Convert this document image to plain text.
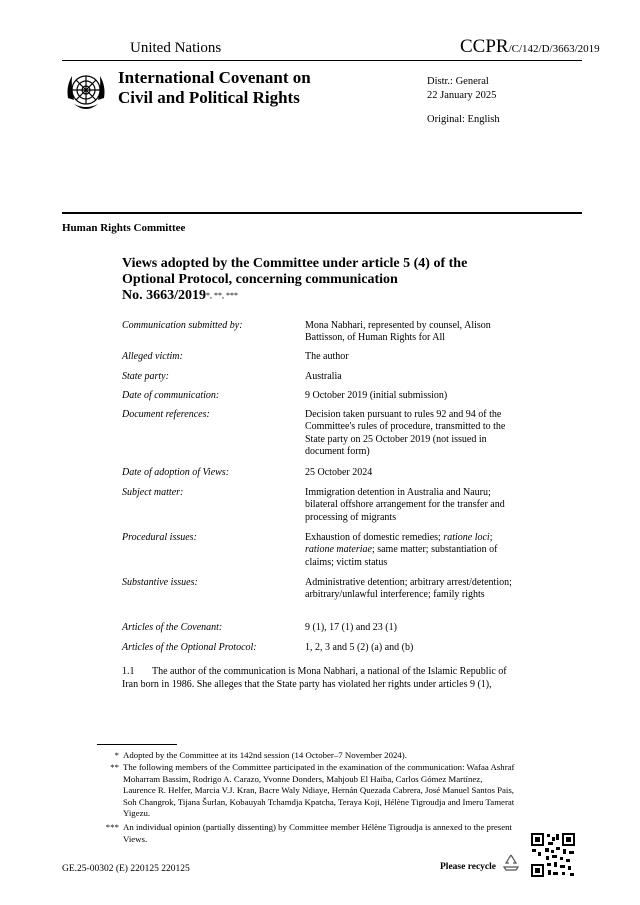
United Nations	CCPR/C/142/D/3663/2019
International Covenant on
Civil and Political Rights
Distr.: General
22 January 2025
Original: English
Human Rights Committee
Views adopted by the Committee under article 5 (4) of the
Optional Protocol, concerning communication
No. 3663/2019*, **, ***
Communication submitted by:	Mona Nabhari, represented by counsel, Alison Battisson, of Human Rights for All
Alleged victim:	The author
State party:	Australia
Date of communication:	9 October 2019 (initial submission)
Document references:	Decision taken pursuant to rules 92 and 94 of the Committee's rules of procedure, transmitted to the State party on 25 October 2019 (not issued in document form)
Date of adoption of Views:	25 October 2024
Subject matter:	Immigration detention in Australia and Nauru; bilateral offshore arrangement for the transfer and processing of migrants
Procedural issues:	Exhaustion of domestic remedies; ratione loci; ratione materiae; same matter; substantiation of claims; victim status
Substantive issues:	Administrative detention; arbitrary arrest/detention; arbitrary/unlawful interference; family rights
Articles of the Covenant:	9 (1), 17 (1) and 23 (1)
Articles of the Optional Protocol:	1, 2, 3 and 5 (2) (a) and (b)
1.1 The author of the communication is Mona Nabhari, a national of the Islamic Republic of Iran born in 1986. She alleges that the State party has violated her rights under articles 9 (1),
* Adopted by the Committee at its 142nd session (14 October–7 November 2024).
** The following members of the Committee participated in the examination of the communication: Wafaa Ashraf Moharram Bassim, Rodrigo A. Carazo, Yvonne Donders, Mahjoub El Haiba, Carlos Gómez Martínez, Laurence R. Helfer, Marcia V.J. Kran, Bacre Waly Ndiaye, Hernán Quezada Cabrera, José Manuel Santos Pais, Soh Changrok, Tijana Šurlan, Kobauyah Tchamdja Kpatcha, Teraya Koji, Hélène Tigroudja and Imeru Tamerat Yigezu.
*** An individual opinion (partially dissenting) by Committee member Hélène Tigroudja is annexed to the present Views.
GE.25-00302 (E) 220125 220125	Please recycle
